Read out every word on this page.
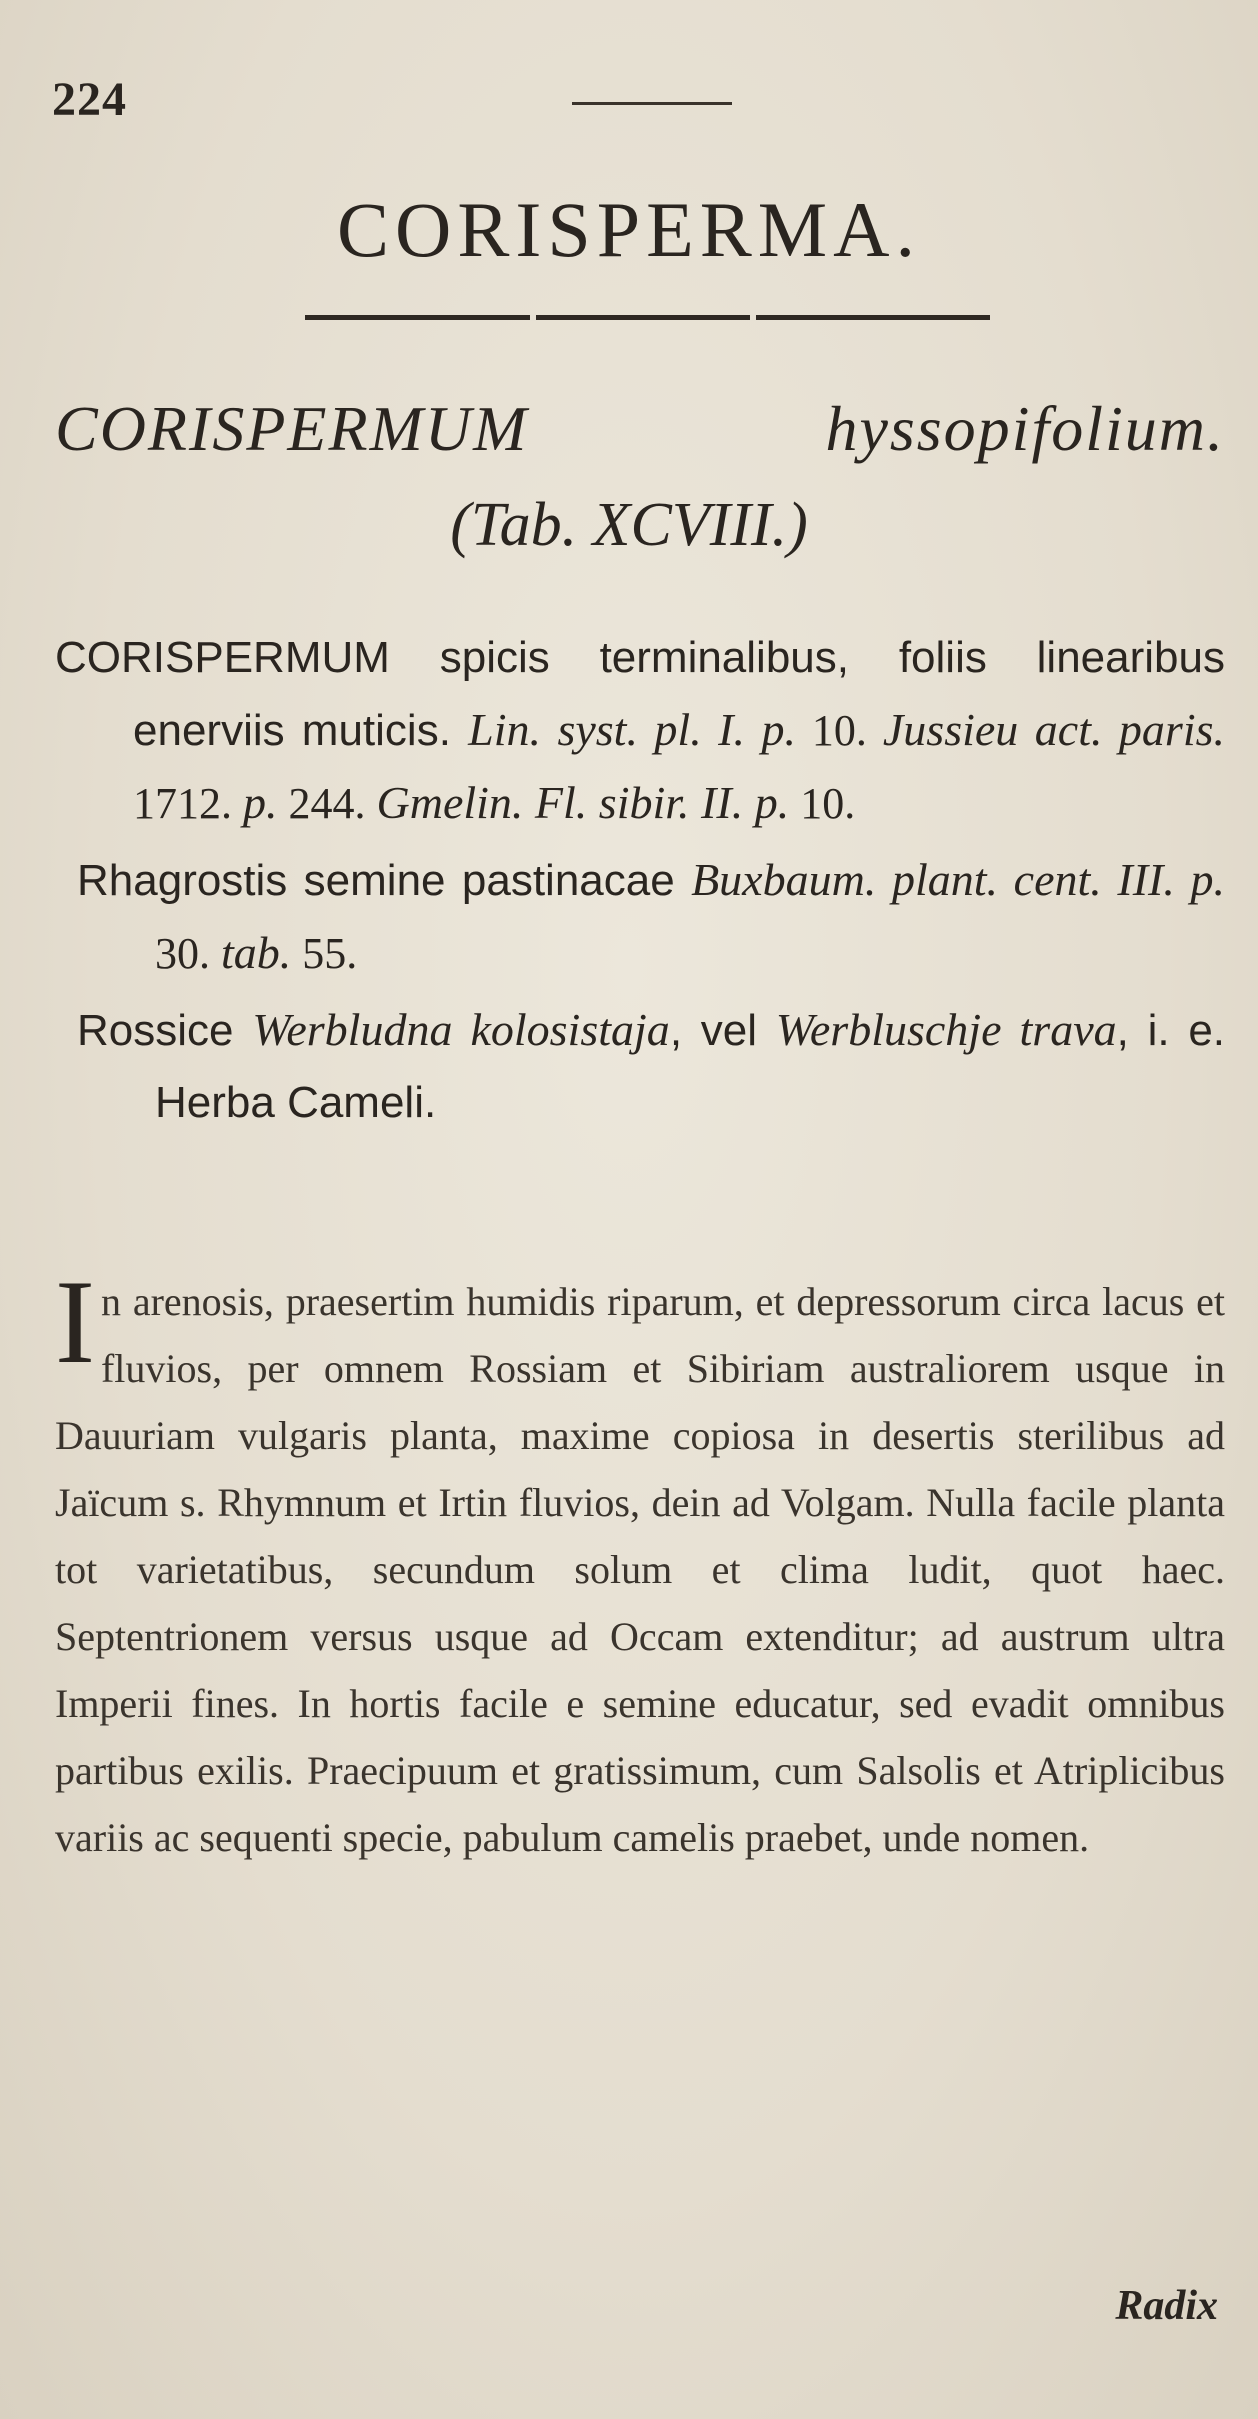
224
CORISPERMA.
CORISPERMUM hyssopifolium.
(Tab. XCVIII.)

CORISPERMUM spicis terminalibus, foliis linearibus enerviis muticis. Lin. syst. pl. I. p. 10. Jussieu act. paris. 1712. p. 244. Gmelin. Fl. sibir. II. p. 10.

Rhagrostis semine pastinacae Buxbaum. plant. cent. III. p. 30. tab. 55.

Rossice Werbludna kolosistaja, vel Werbluschje trava, i. e. Herba Cameli.

In arenosis, praesertim humidis riparum, et depressorum circa lacus et fluvios, per omnem Rossiam et Sibiriam australiorem usque in Dauuriam vulgaris planta, maxime copiosa in desertis sterilibus ad Jaïcum s. Rhymnum et Irtin fluvios, dein ad Volgam. Nulla facile planta tot varietatibus, secundum solum et clima ludit, quot haec. Septentrionem versus usque ad Occam extenditur; ad austrum ultra Imperii fines. In hortis facile e semine educatur, sed evadit omnibus partibus exilis. Praecipuum et gratissimum, cum Salsolis et Atriplicibus variis ac sequenti specie, pabulum camelis praebet, unde nomen.
Radix
